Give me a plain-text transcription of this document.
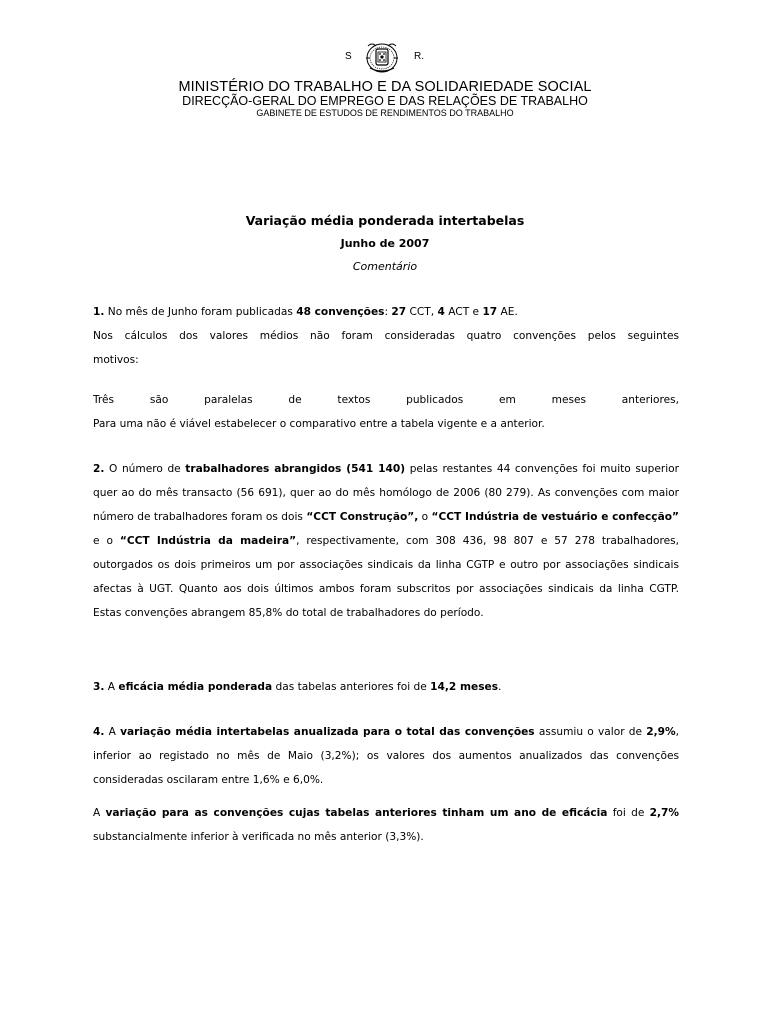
S	R.
MINISTÉRIO DO TRABALHO E DA SOLIDARIEDADE SOCIAL
DIRECÇÃO-GERAL DO EMPREGO E DAS RELAÇÕES DE TRABALHO
GABINETE DE ESTUDOS DE RENDIMENTOS DO TRABALHO
Variação média ponderada intertabelas
Junho de 2007
Comentário
1. No mês de Junho foram publicadas 48 convenções: 27 CCT, 4 ACT e 17 AE.
Nos cálculos dos valores médios não foram consideradas quatro convenções pelos seguintes
motivos:
Três são paralelas de textos publicados em meses anteriores,
Para uma não é viável estabelecer o comparativo entre a tabela vigente e a anterior.
2. O número de trabalhadores abrangidos (541 140) pelas restantes 44 convenções foi muito superior quer ao do mês transacto (56 691), quer ao do mês homólogo de 2006 (80 279). As convenções com maior número de trabalhadores foram os dois “CCT Construção”, o “CCT Indústria de vestuário e confecção” e o “CCT Indústria da madeira”, respectivamente, com 308 436, 98 807 e 57 278 trabalhadores, outorgados os dois primeiros um por associações sindicais da linha CGTP e outro por associações sindicais afectas à UGT. Quanto aos dois últimos ambos foram subscritos por associações sindicais da linha CGTP. Estas convenções abrangem 85,8% do total de trabalhadores do período.
3. A eficácia média ponderada das tabelas anteriores foi de 14,2 meses.
4. A variação média intertabelas anualizada para o total das convenções assumiu o valor de 2,9%, inferior ao registado no mês de Maio (3,2%); os valores dos aumentos anualizados das convenções consideradas oscilaram entre 1,6% e 6,0%.
A variação para as convenções cujas tabelas anteriores tinham um ano de eficácia foi de 2,7% substancialmente inferior à verificada no mês anterior (3,3%).
